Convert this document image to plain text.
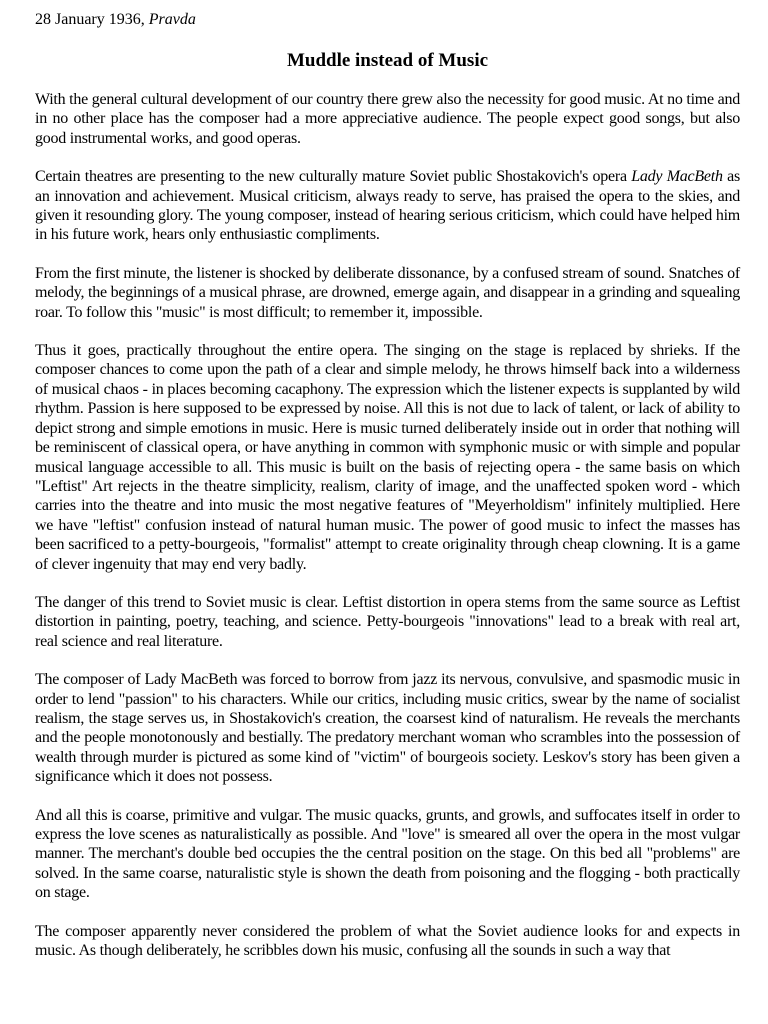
28 January 1936, Pravda

Muddle instead of Music

With the general cultural development of our country there grew also the necessity for good music. At no time and in no other place has the composer had a more appreciative audience. The people expect good songs, but also good instrumental works, and good operas.

Certain theatres are presenting to the new culturally mature Soviet public Shostakovich's opera Lady MacBeth as an innovation and achievement. Musical criticism, always ready to serve, has praised the opera to the skies, and given it resounding glory. The young composer, instead of hearing serious criticism, which could have helped him in his future work, hears only enthusiastic compliments.

From the first minute, the listener is shocked by deliberate dissonance, by a confused stream of sound. Snatches of melody, the beginnings of a musical phrase, are drowned, emerge again, and disappear in a grinding and squealing roar. To follow this "music" is most difficult; to remember it, impossible.

Thus it goes, practically throughout the entire opera. The singing on the stage is replaced by shrieks. If the composer chances to come upon the path of a clear and simple melody, he throws himself back into a wilderness of musical chaos - in places becoming cacaphony. The expression which the listener expects is supplanted by wild rhythm. Passion is here supposed to be expressed by noise. All this is not due to lack of talent, or lack of ability to depict strong and simple emotions in music. Here is music turned deliberately inside out in order that nothing will be reminiscent of classical opera, or have anything in common with symphonic music or with simple and popular musical language accessible to all. This music is built on the basis of rejecting opera - the same basis on which "Leftist" Art rejects in the theatre simplicity, realism, clarity of image, and the unaffected spoken word - which carries into the theatre and into music the most negative features of "Meyerholdism" infinitely multiplied. Here we have "leftist" confusion instead of natural human music. The power of good music to infect the masses has been sacrificed to a petty-bourgeois, "formalist" attempt to create originality through cheap clowning. It is a game of clever ingenuity that may end very badly.

The danger of this trend to Soviet music is clear. Leftist distortion in opera stems from the same source as Leftist distortion in painting, poetry, teaching, and science. Petty-bourgeois "innovations" lead to a break with real art, real science and real literature.

The composer of Lady MacBeth was forced to borrow from jazz its nervous, convulsive, and spasmodic music in order to lend "passion" to his characters. While our critics, including music critics, swear by the name of socialist realism, the stage serves us, in Shostakovich's creation, the coarsest kind of naturalism. He reveals the merchants and the people monotonously and bestially. The predatory merchant woman who scrambles into the possession of wealth through murder is pictured as some kind of "victim" of bourgeois society. Leskov's story has been given a significance which it does not possess.

And all this is coarse, primitive and vulgar. The music quacks, grunts, and growls, and suffocates itself in order to express the love scenes as naturalistically as possible. And "love" is smeared all over the opera in the most vulgar manner. The merchant's double bed occupies the the central position on the stage. On this bed all "problems" are solved. In the same coarse, naturalistic style is shown the death from poisoning and the flogging - both practically on stage.

The composer apparently never considered the problem of what the Soviet audience looks for and expects in music. As though deliberately, he scribbles down his music, confusing all the sounds in such a way that
